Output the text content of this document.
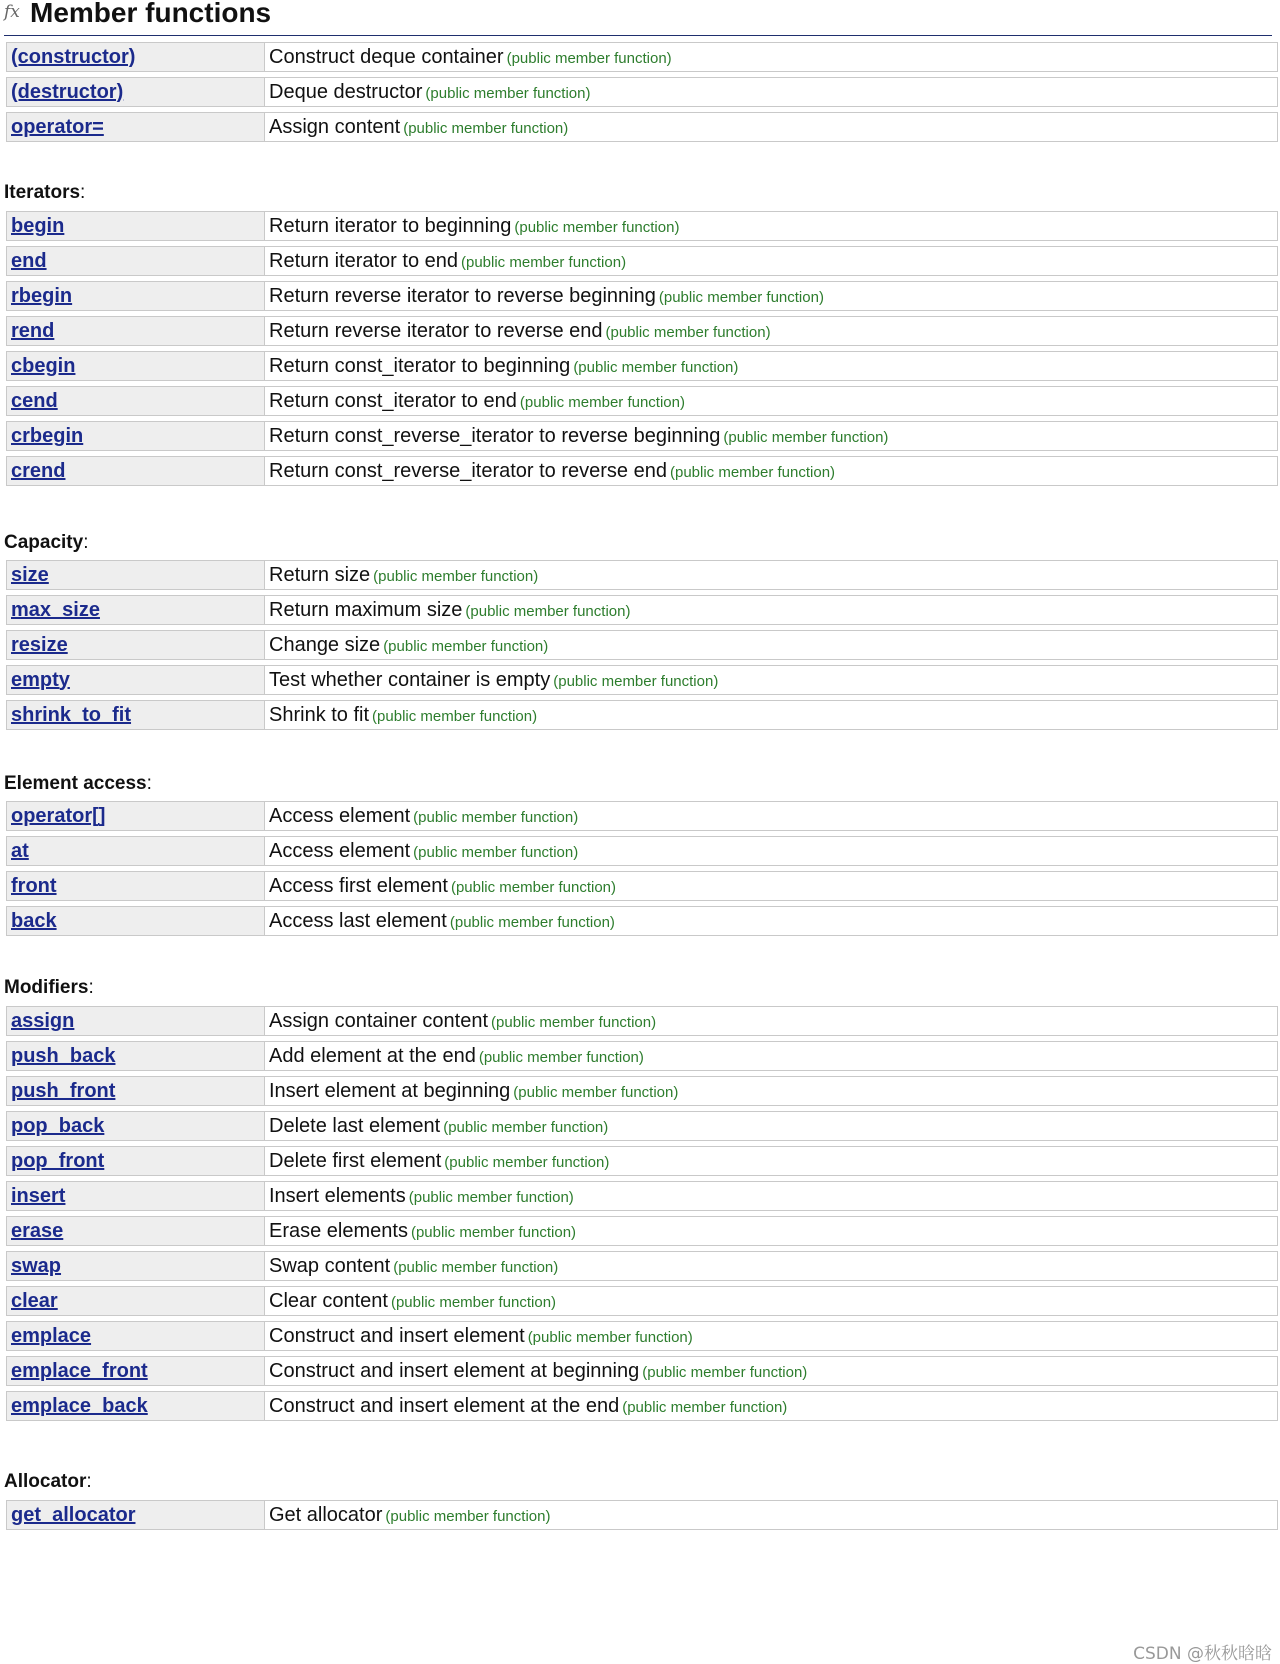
fx Member functions
(constructor)	Construct deque container (public member function)
(destructor)	Deque destructor (public member function)
operator=	Assign content (public member function)
Iterators:
begin	Return iterator to beginning (public member function)
end	Return iterator to end (public member function)
rbegin	Return reverse iterator to reverse beginning (public member function)
rend	Return reverse iterator to reverse end (public member function)
cbegin	Return const_iterator to beginning (public member function)
cend	Return const_iterator to end (public member function)
crbegin	Return const_reverse_iterator to reverse beginning (public member function)
crend	Return const_reverse_iterator to reverse end (public member function)
Capacity:
size	Return size (public member function)
max_size	Return maximum size (public member function)
resize	Change size (public member function)
empty	Test whether container is empty (public member function)
shrink_to_fit	Shrink to fit (public member function)
Element access:
operator[]	Access element (public member function)
at	Access element (public member function)
front	Access first element (public member function)
back	Access last element (public member function)
Modifiers:
assign	Assign container content (public member function)
push_back	Add element at the end (public member function)
push_front	Insert element at beginning (public member function)
pop_back	Delete last element (public member function)
pop_front	Delete first element (public member function)
insert	Insert elements (public member function)
erase	Erase elements (public member function)
swap	Swap content (public member function)
clear	Clear content (public member function)
emplace	Construct and insert element (public member function)
emplace_front	Construct and insert element at beginning (public member function)
emplace_back	Construct and insert element at the end (public member function)
Allocator:
get_allocator	Get allocator (public member function)
CSDN @秋秋晗晗
